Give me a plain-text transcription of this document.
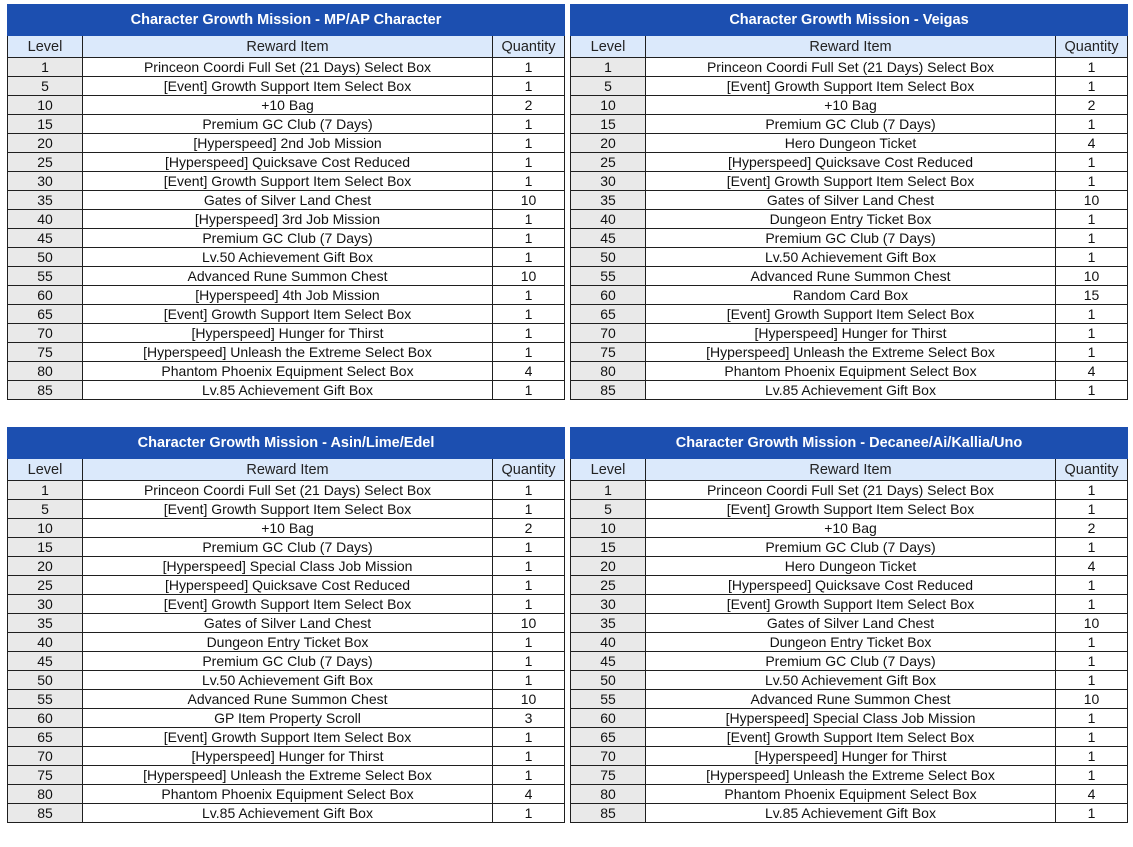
Character Growth Mission - MP/AP Character		
Level	Reward Item	Quantity
1	Princeon Coordi Full Set (21 Days) Select Box	1
5	[Event] Growth Support Item Select Box	1
10	+10 Bag	2
15	Premium GC Club (7 Days)	1
20	[Hyperspeed] 2nd Job Mission	1
25	[Hyperspeed] Quicksave Cost Reduced	1
30	[Event] Growth Support Item Select Box	1
35	Gates of Silver Land Chest	10
40	[Hyperspeed] 3rd Job Mission	1
45	Premium GC Club (7 Days)	1
50	Lv.50 Achievement Gift Box	1
55	Advanced Rune Summon Chest	10
60	[Hyperspeed] 4th Job Mission	1
65	[Event] Growth Support Item Select Box	1
70	[Hyperspeed] Hunger for Thirst	1
75	[Hyperspeed] Unleash the Extreme Select Box	1
80	Phantom Phoenix Equipment Select Box	4
85	Lv.85 Achievement Gift Box	1
Character Growth Mission - Veigas		
Level	Reward Item	Quantity
1	Princeon Coordi Full Set (21 Days) Select Box	1
5	[Event] Growth Support Item Select Box	1
10	+10 Bag	2
15	Premium GC Club (7 Days)	1
20	Hero Dungeon Ticket	4
25	[Hyperspeed] Quicksave Cost Reduced	1
30	[Event] Growth Support Item Select Box	1
35	Gates of Silver Land Chest	10
40	Dungeon Entry Ticket Box	1
45	Premium GC Club (7 Days)	1
50	Lv.50 Achievement Gift Box	1
55	Advanced Rune Summon Chest	10
60	Random Card Box	15
65	[Event] Growth Support Item Select Box	1
70	[Hyperspeed] Hunger for Thirst	1
75	[Hyperspeed] Unleash the Extreme Select Box	1
80	Phantom Phoenix Equipment Select Box	4
85	Lv.85 Achievement Gift Box	1
Character Growth Mission - Asin/Lime/Edel		
Level	Reward Item	Quantity
1	Princeon Coordi Full Set (21 Days) Select Box	1
5	[Event] Growth Support Item Select Box	1
10	+10 Bag	2
15	Premium GC Club (7 Days)	1
20	[Hyperspeed] Special Class Job Mission	1
25	[Hyperspeed] Quicksave Cost Reduced	1
30	[Event] Growth Support Item Select Box	1
35	Gates of Silver Land Chest	10
40	Dungeon Entry Ticket Box	1
45	Premium GC Club (7 Days)	1
50	Lv.50 Achievement Gift Box	1
55	Advanced Rune Summon Chest	10
60	GP Item Property Scroll	3
65	[Event] Growth Support Item Select Box	1
70	[Hyperspeed] Hunger for Thirst	1
75	[Hyperspeed] Unleash the Extreme Select Box	1
80	Phantom Phoenix Equipment Select Box	4
85	Lv.85 Achievement Gift Box	1
Character Growth Mission - Decanee/Ai/Kallia/Uno		
Level	Reward Item	Quantity
1	Princeon Coordi Full Set (21 Days) Select Box	1
5	[Event] Growth Support Item Select Box	1
10	+10 Bag	2
15	Premium GC Club (7 Days)	1
20	Hero Dungeon Ticket	4
25	[Hyperspeed] Quicksave Cost Reduced	1
30	[Event] Growth Support Item Select Box	1
35	Gates of Silver Land Chest	10
40	Dungeon Entry Ticket Box	1
45	Premium GC Club (7 Days)	1
50	Lv.50 Achievement Gift Box	1
55	Advanced Rune Summon Chest	10
60	[Hyperspeed] Special Class Job Mission	1
65	[Event] Growth Support Item Select Box	1
70	[Hyperspeed] Hunger for Thirst	1
75	[Hyperspeed] Unleash the Extreme Select Box	1
80	Phantom Phoenix Equipment Select Box	4
85	Lv.85 Achievement Gift Box	1
